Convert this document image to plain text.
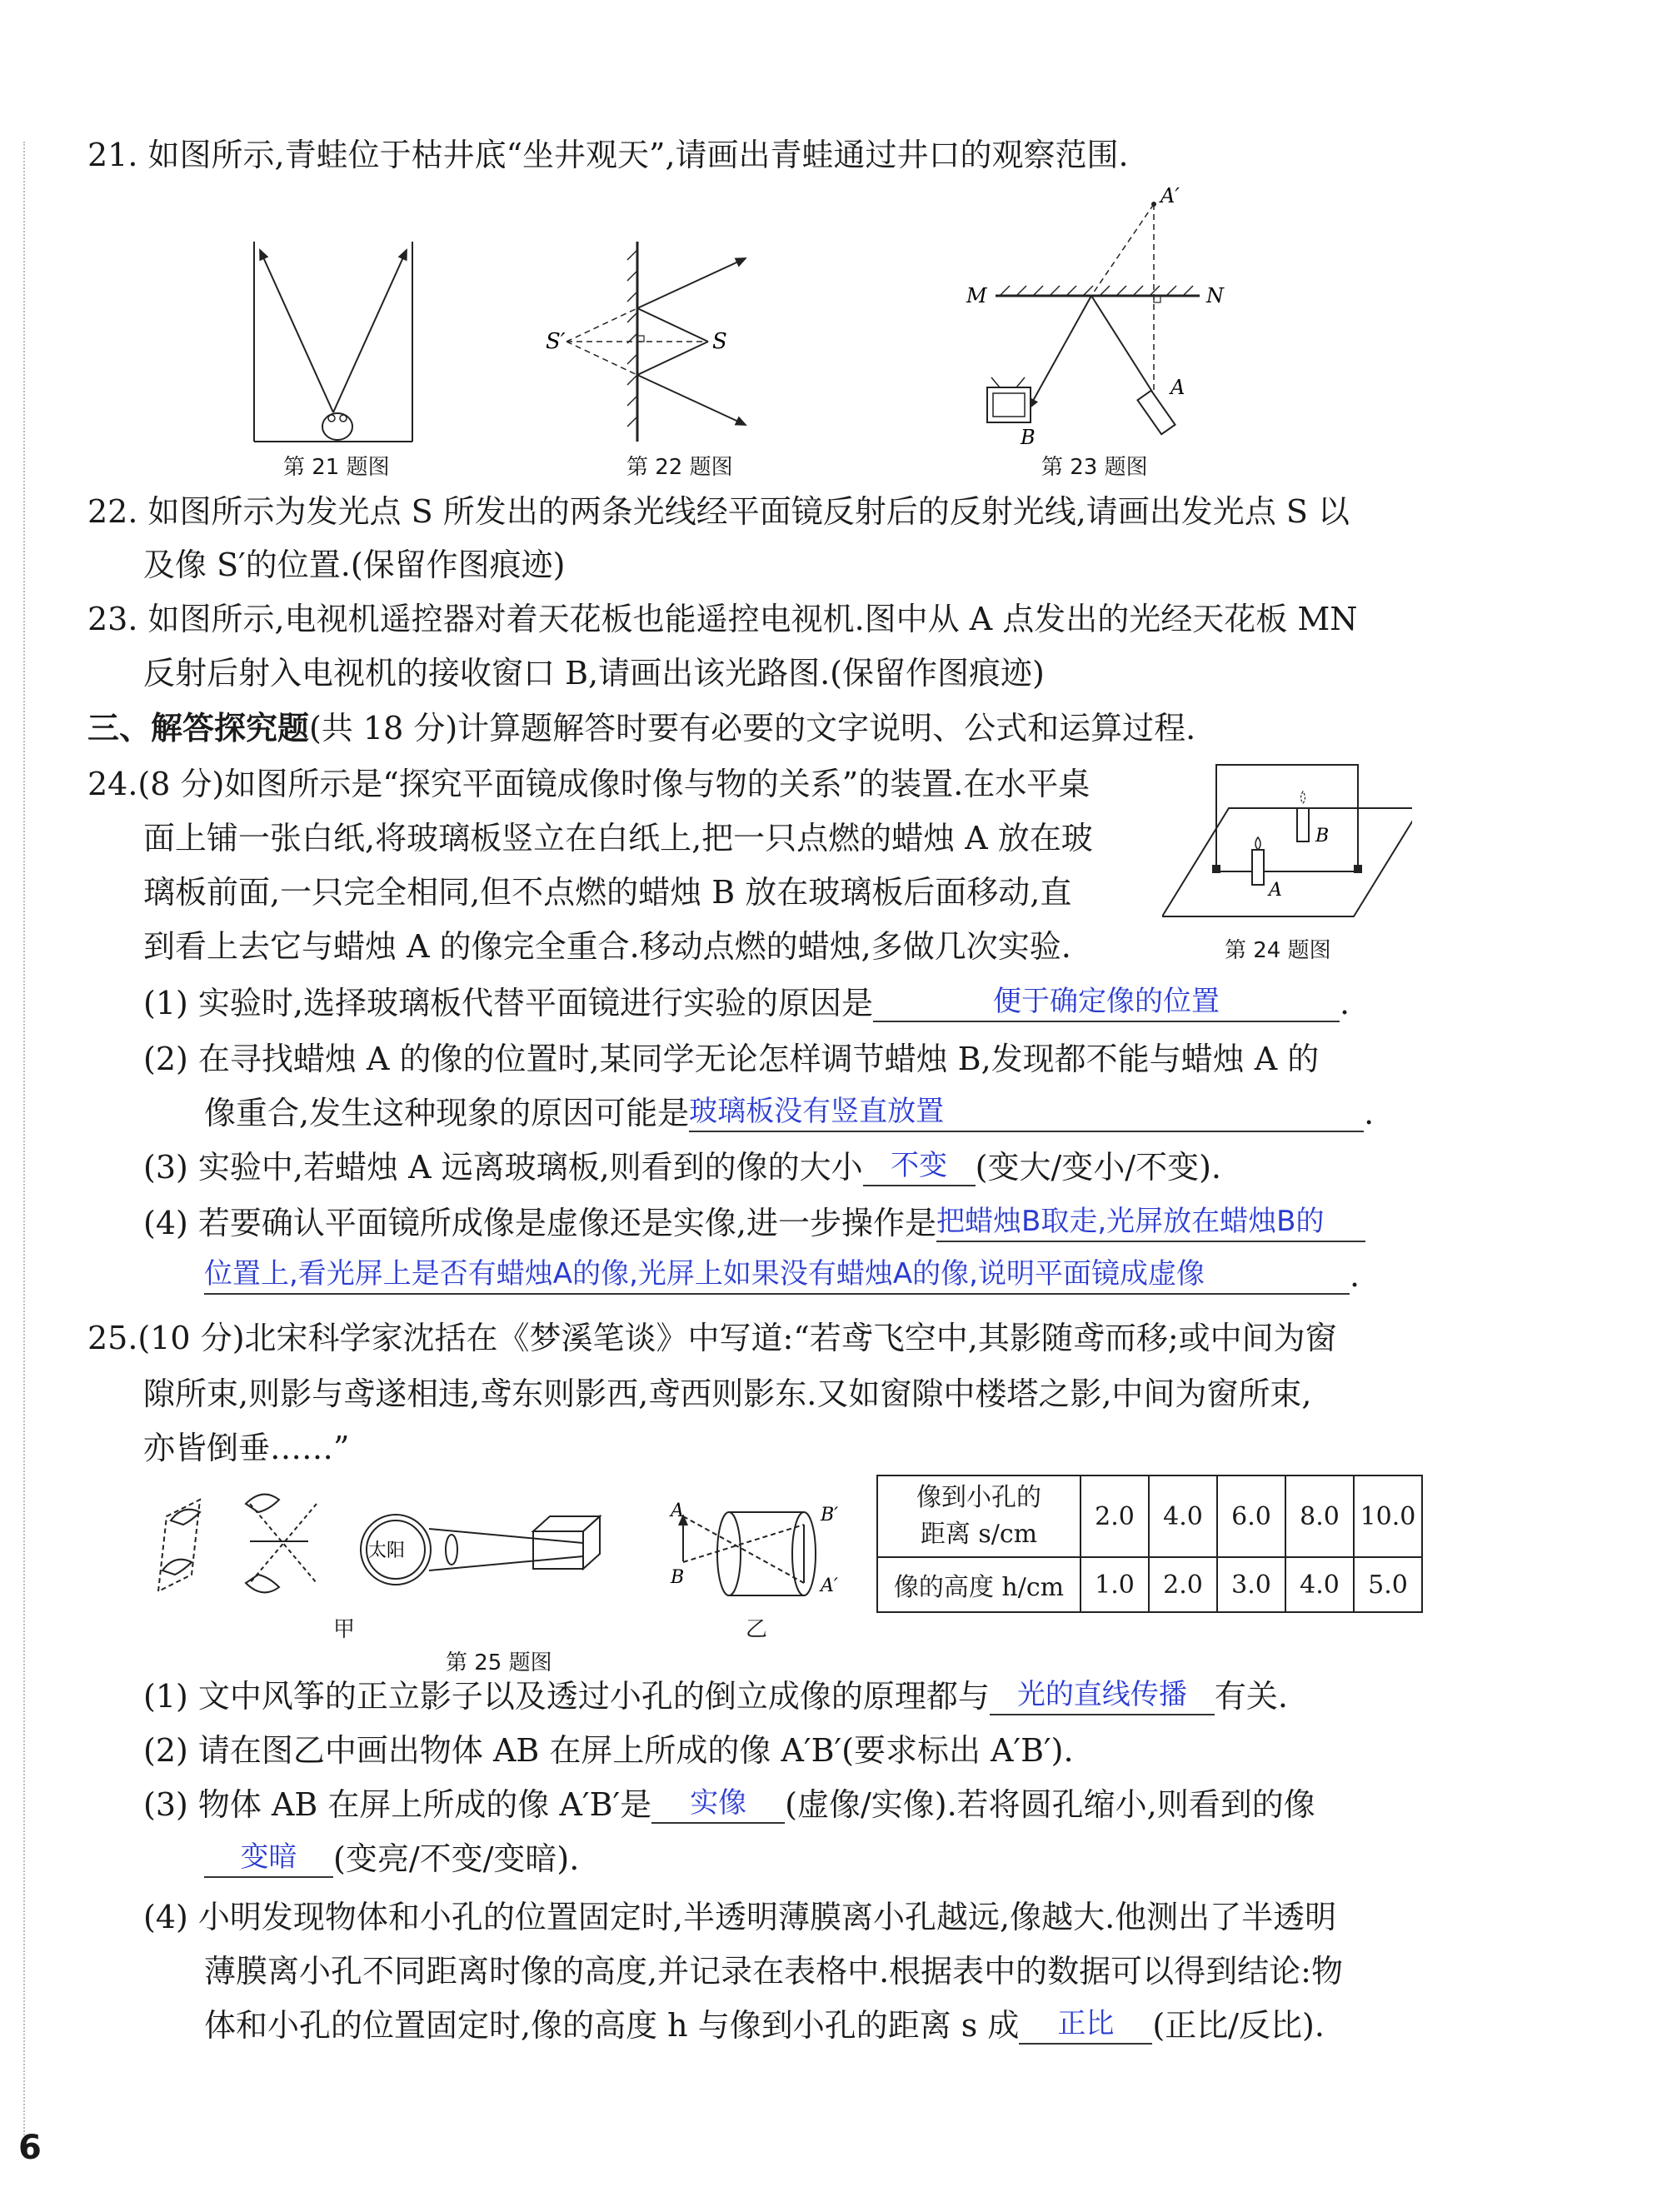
21. 如图所示,青蛙位于枯井底“坐井观天”,请画出青蛙通过井口的观察范围.
第 21 题图
S′	S
第 22 题图
A′
M	N
A
B
第 23 题图
22. 如图所示为发光点 S 所发出的两条光线经平面镜反射后的反射光线,请画出发光点 S 以
及像 S′的位置.(保留作图痕迹)
23. 如图所示,电视机遥控器对着天花板也能遥控电视机.图中从 A 点发出的光经天花板 MN
反射后射入电视机的接收窗口 B,请画出该光路图.(保留作图痕迹)
三、解答探究题(共 18 分)计算题解答时要有必要的文字说明、公式和运算过程.
24.(8 分)如图所示是“探究平面镜成像时像与物的关系”的装置.在水平桌
面上铺一张白纸,将玻璃板竖立在白纸上,把一只点燃的蜡烛 A 放在玻
璃板前面,一只完全相同,但不点燃的蜡烛 B 放在玻璃板后面移动,直
到看上去它与蜡烛 A 的像完全重合.移动点燃的蜡烛,多做几次实验.
A
B
第 24 题图
(1) 实验时,选择玻璃板代替平面镜进行实验的原因是	便于确定像的位置	.
(2) 在寻找蜡烛 A 的像的位置时,某同学无论怎样调节蜡烛 B,发现都不能与蜡烛 A 的
像重合,发生这种现象的原因可能是玻璃板没有竖直放置	.
(3) 实验中,若蜡烛 A 远离玻璃板,则看到的像的大小 不变 (变大/变小/不变).
(4) 若要确认平面镜所成像是虚像还是实像,进一步操作是把蜡烛B取走,光屏放在蜡烛B的
位置上,看光屏上是否有蜡烛A的像,光屏上如果没有蜡烛A的像,说明平面镜成虚像	.
25.(10 分)北宋科学家沈括在《梦溪笔谈》中写道:“若鸢飞空中,其影随鸢而移;或中间为窗
隙所束,则影与鸢遂相违,鸢东则影西,鸢西则影东.又如窗隙中楼塔之影,中间为窗所束,
亦皆倒垂……”
太阳
甲
A
B
B′
A′
乙
第 25 题图
像到小孔的
距离 s/cm	2.0	4.0	6.0	8.0	10.0
像的高度 h/cm	1.0	2.0	3.0	4.0	5.0
(1) 文中风筝的正立影子以及透过小孔的倒立成像的原理都与 光的直线传播 有关.
(2) 请在图乙中画出物体 AB 在屏上所成的像 A′B′(要求标出 A′B′).
(3) 物体 AB 在屏上所成的像 A′B′是 实像 (虚像/实像).若将圆孔缩小,则看到的像
变暗 (变亮/不变/变暗).
(4) 小明发现物体和小孔的位置固定时,半透明薄膜离小孔越远,像越大.他测出了半透明
薄膜离小孔不同距离时像的高度,并记录在表格中.根据表中的数据可以得到结论:物
体和小孔的位置固定时,像的高度 h 与像到小孔的距离 s 成 正比 (正比/反比).
6
